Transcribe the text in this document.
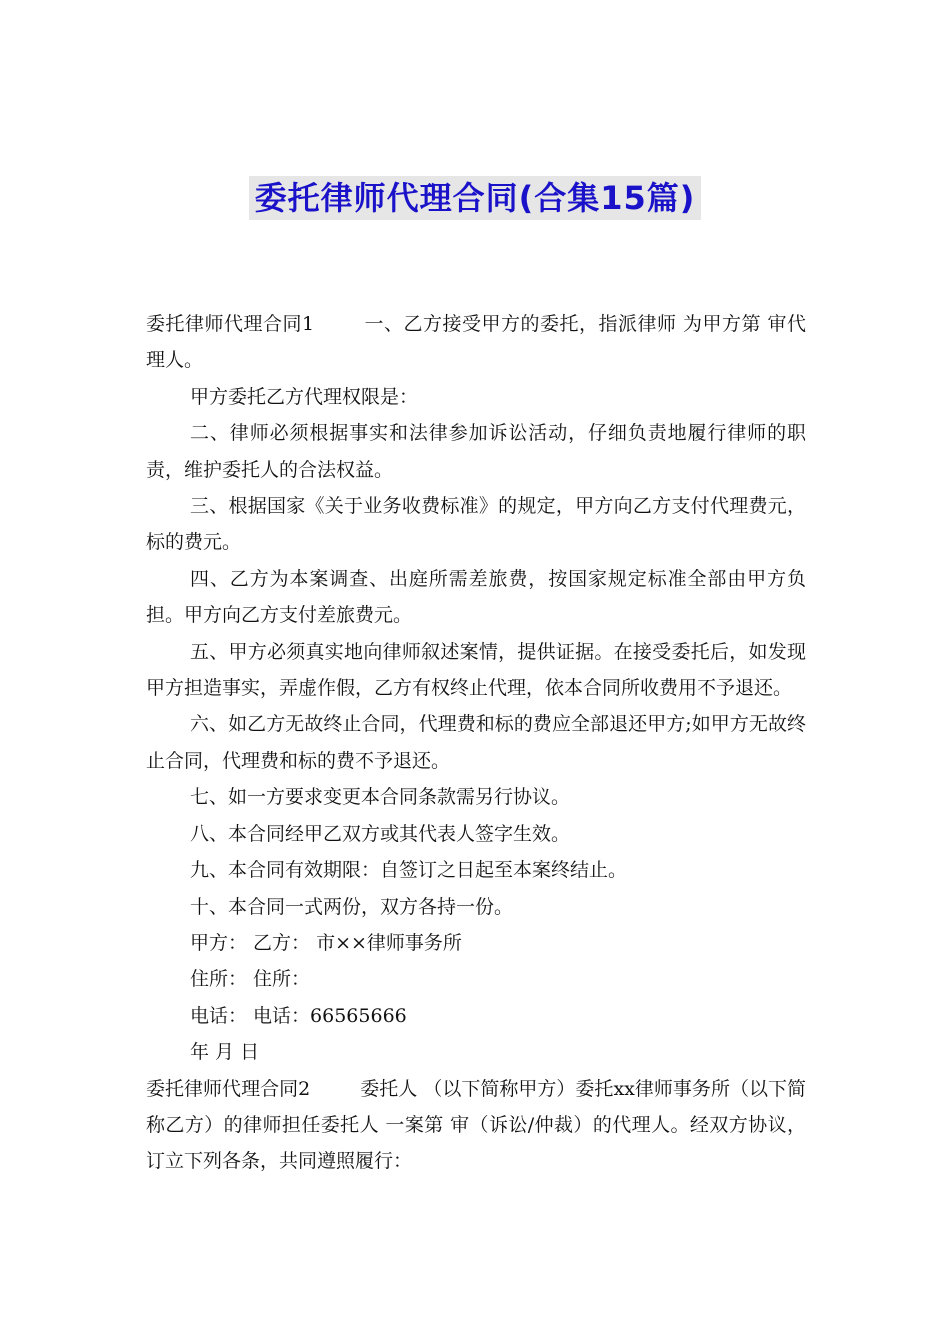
委托律师代理合同(合集15篇)

委托律师代理合同1	一、乙方接受甲方的委托，指派律师 为甲方第 审代理人。

甲方委托乙方代理权限是：

二、律师必须根据事实和法律参加诉讼活动，仔细负责地履行律师的职责，维护委托人的合法权益。

三、根据国家《关于业务收费标准》的规定，甲方向乙方支付代理费元，标的费元。

四、乙方为本案调查、出庭所需差旅费，按国家规定标准全部由甲方负担。甲方向乙方支付差旅费元。

五、甲方必须真实地向律师叙述案情，提供证据。在接受委托后，如发现甲方担造事实，弄虚作假，乙方有权终止代理，依本合同所收费用不予退还。

六、如乙方无故终止合同，代理费和标的费应全部退还甲方;如甲方无故终止合同，代理费和标的费不予退还。

七、如一方要求变更本合同条款需另行协议。

八、本合同经甲乙双方或其代表人签字生效。

九、本合同有效期限：自签订之日起至本案终结止。

十、本合同一式两份，双方各持一份。

甲方： 乙方： 市××律师事务所

住所： 住所：

电话： 电话：66565666

年 月 日

委托律师代理合同2	委托人 （以下简称甲方）委托xx律师事务所（以下简称乙方）的律师担任委托人 一案第 审（诉讼/仲裁）的代理人。经双方协议，订立下列各条，共同遵照履行：
